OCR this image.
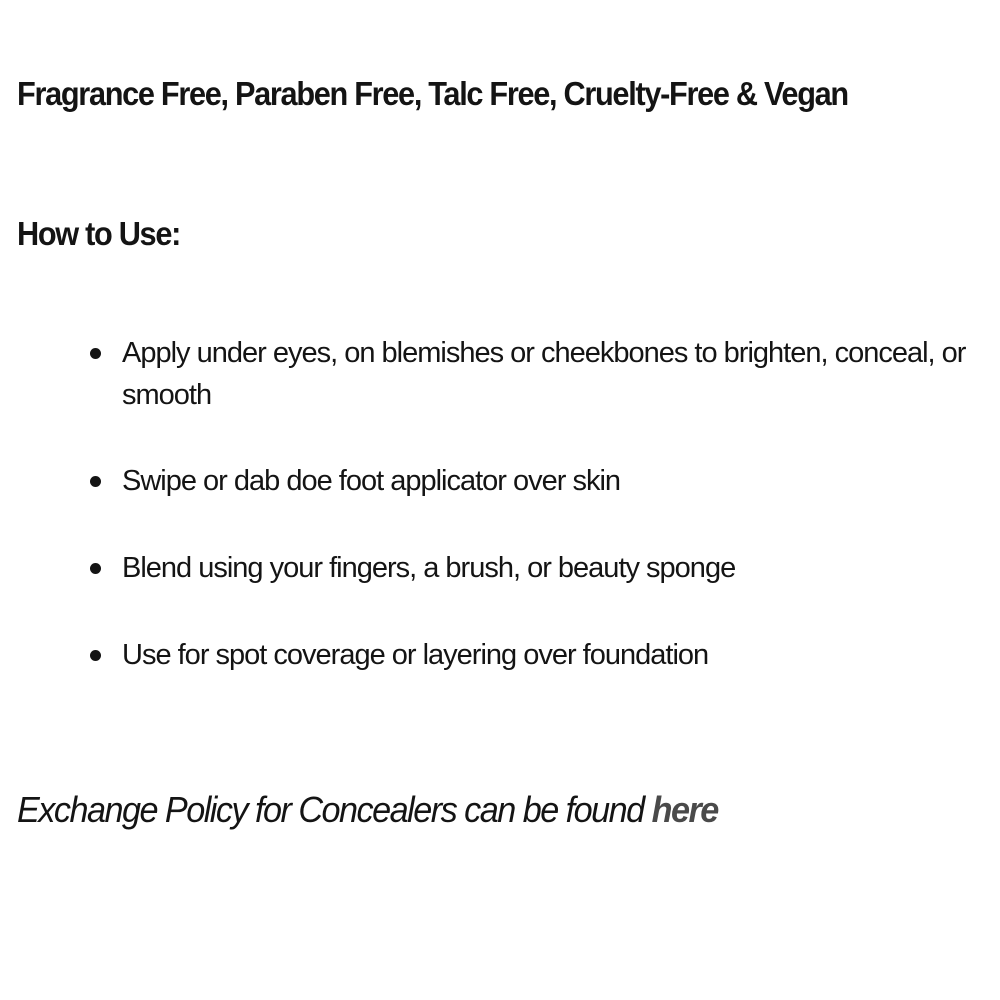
Fragrance Free, Paraben Free, Talc Free, Cruelty-Free & Vegan
How to Use:
Apply under eyes, on blemishes or cheekbones to brighten, conceal, or smooth
Swipe or dab doe foot applicator over skin
Blend using your fingers, a brush, or beauty sponge
Use for spot coverage or layering over foundation

Exchange Policy for Concealers can be found here
